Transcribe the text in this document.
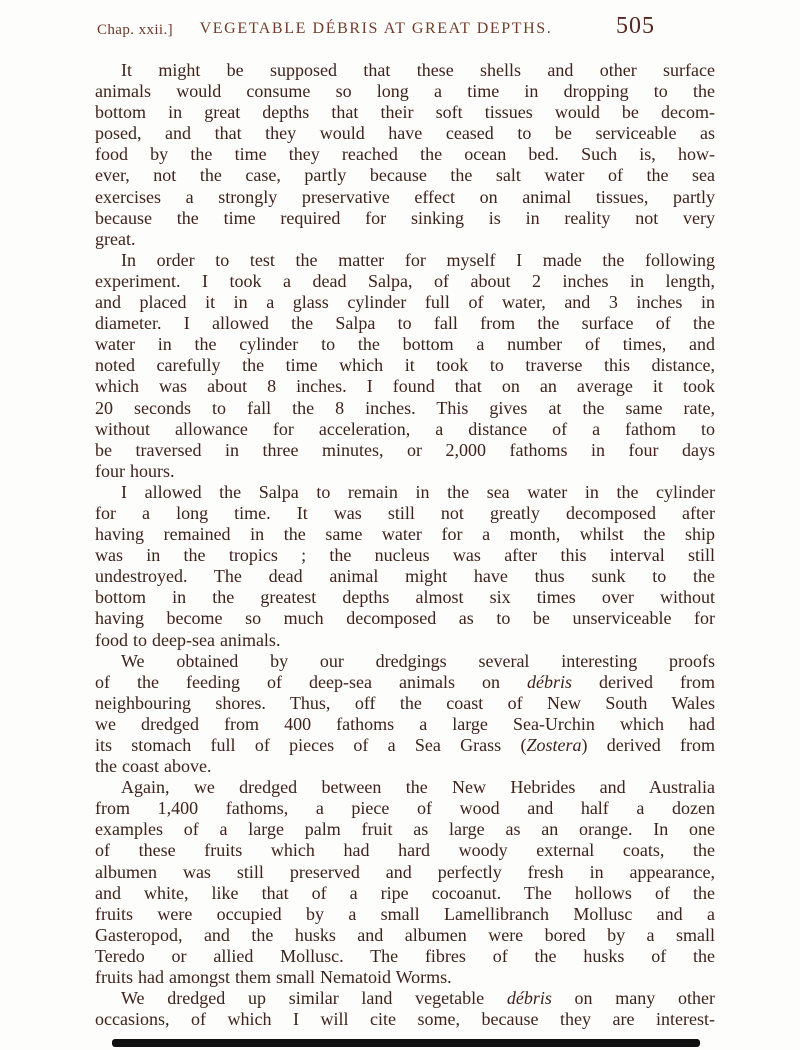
Chap. xxii.] VEGETABLE DÉBRIS AT GREAT DEPTHS.	505
It might be supposed that these shells and other surface
animals would consume so long a time in dropping to the
bottom in great depths that their soft tissues would be decom-
posed, and that they would have ceased to be serviceable as
food by the time they reached the ocean bed. Such is, how-
ever, not the case, partly because the salt water of the sea
exercises a strongly preservative effect on animal tissues, partly
because the time required for sinking is in reality not very
great.
In order to test the matter for myself I made the following
experiment. I took a dead Salpa, of about 2 inches in length,
and placed it in a glass cylinder full of water, and 3 inches in
diameter. I allowed the Salpa to fall from the surface of the
water in the cylinder to the bottom a number of times, and
noted carefully the time which it took to traverse this distance,
which was about 8 inches. I found that on an average it took
20 seconds to fall the 8 inches. This gives at the same rate,
without allowance for acceleration, a distance of a fathom to
be traversed in three minutes, or 2,000 fathoms in four days
four hours.
I allowed the Salpa to remain in the sea water in the cylinder
for a long time. It was still not greatly decomposed after
having remained in the same water for a month, whilst the ship
was in the tropics ; the nucleus was after this interval still
undestroyed. The dead animal might have thus sunk to the
bottom in the greatest depths almost six times over without
having become so much decomposed as to be unserviceable for
food to deep-sea animals.
We obtained by our dredgings several interesting proofs
of the feeding of deep-sea animals on débris derived from
neighbouring shores. Thus, off the coast of New South Wales
we dredged from 400 fathoms a large Sea-Urchin which had
its stomach full of pieces of a Sea Grass (Zostera) derived from
the coast above.
Again, we dredged between the New Hebrides and Australia
from 1,400 fathoms, a piece of wood and half a dozen
examples of a large palm fruit as large as an orange. In one
of these fruits which had hard woody external coats, the
albumen was still preserved and perfectly fresh in appearance,
and white, like that of a ripe cocoanut. The hollows of the
fruits were occupied by a small Lamellibranch Mollusc and a
Gasteropod, and the husks and albumen were bored by a small
Teredo or allied Mollusc. The fibres of the husks of the
fruits had amongst them small Nematoid Worms.
We dredged up similar land vegetable débris on many other
occasions, of which I will cite some, because they are interest-
